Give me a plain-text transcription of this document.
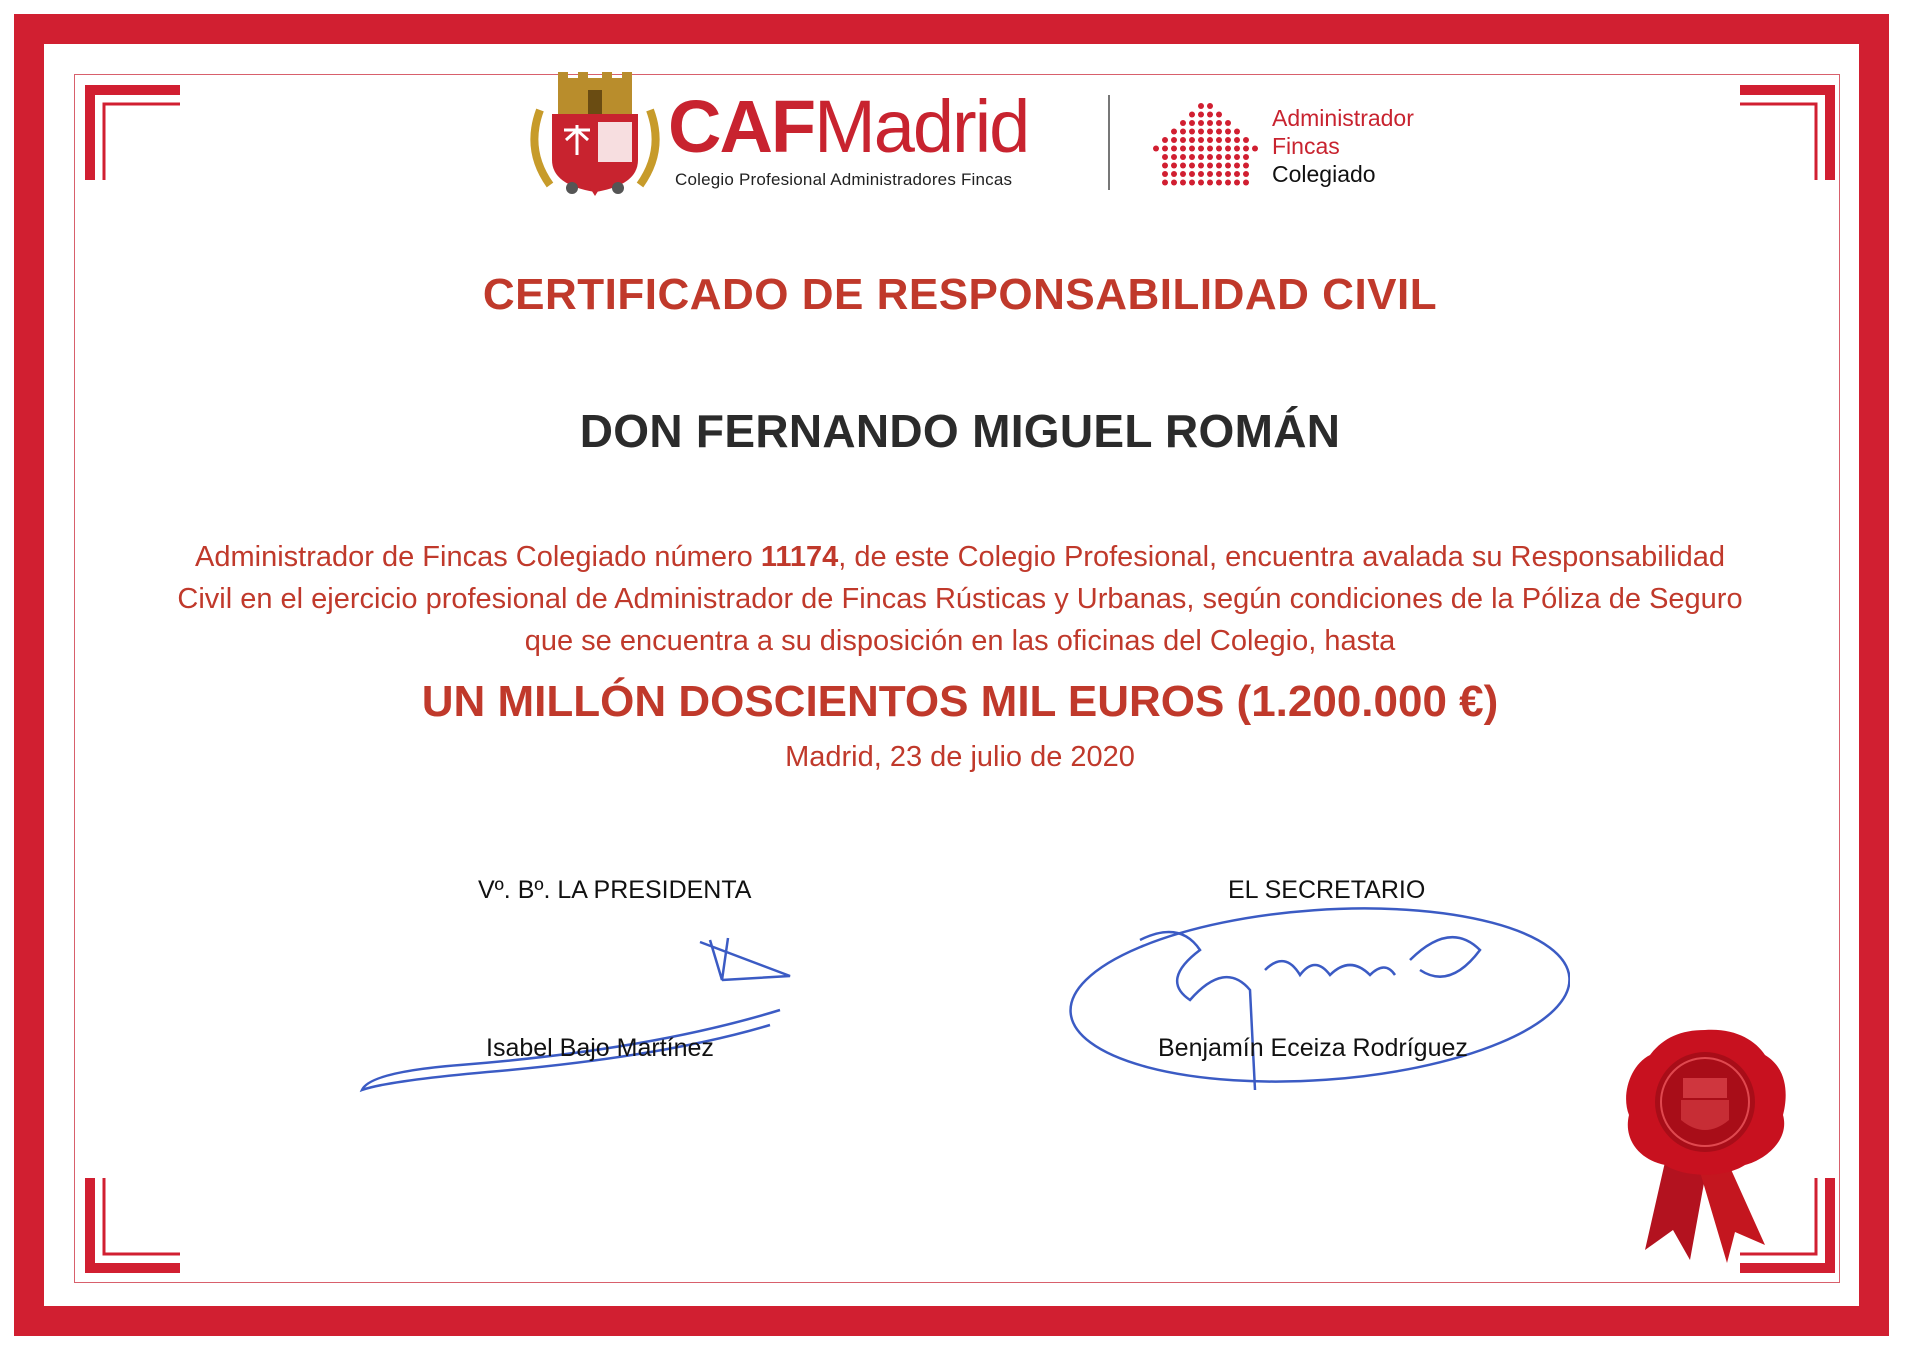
CAFMadrid
Colegio Profesional Administradores Fincas
Administrador
Fincas
Colegiado
CERTIFICADO DE RESPONSABILIDAD CIVIL
DON FERNANDO MIGUEL ROMÁN
Administrador de Fincas Colegiado número 11174, de este Colegio Profesional, encuentra avalada su Responsabilidad Civil en el ejercicio profesional de Administrador de Fincas Rústicas y Urbanas, según condiciones de la Póliza de Seguro que se encuentra a su disposición en las oficinas del Colegio, hasta
UN MILLÓN DOSCIENTOS MIL EUROS (1.200.000 €)
Madrid, 23 de julio de 2020
Vº. Bº. LA PRESIDENTA
Isabel Bajo Martínez
EL SECRETARIO
Benjamín Eceiza Rodríguez
